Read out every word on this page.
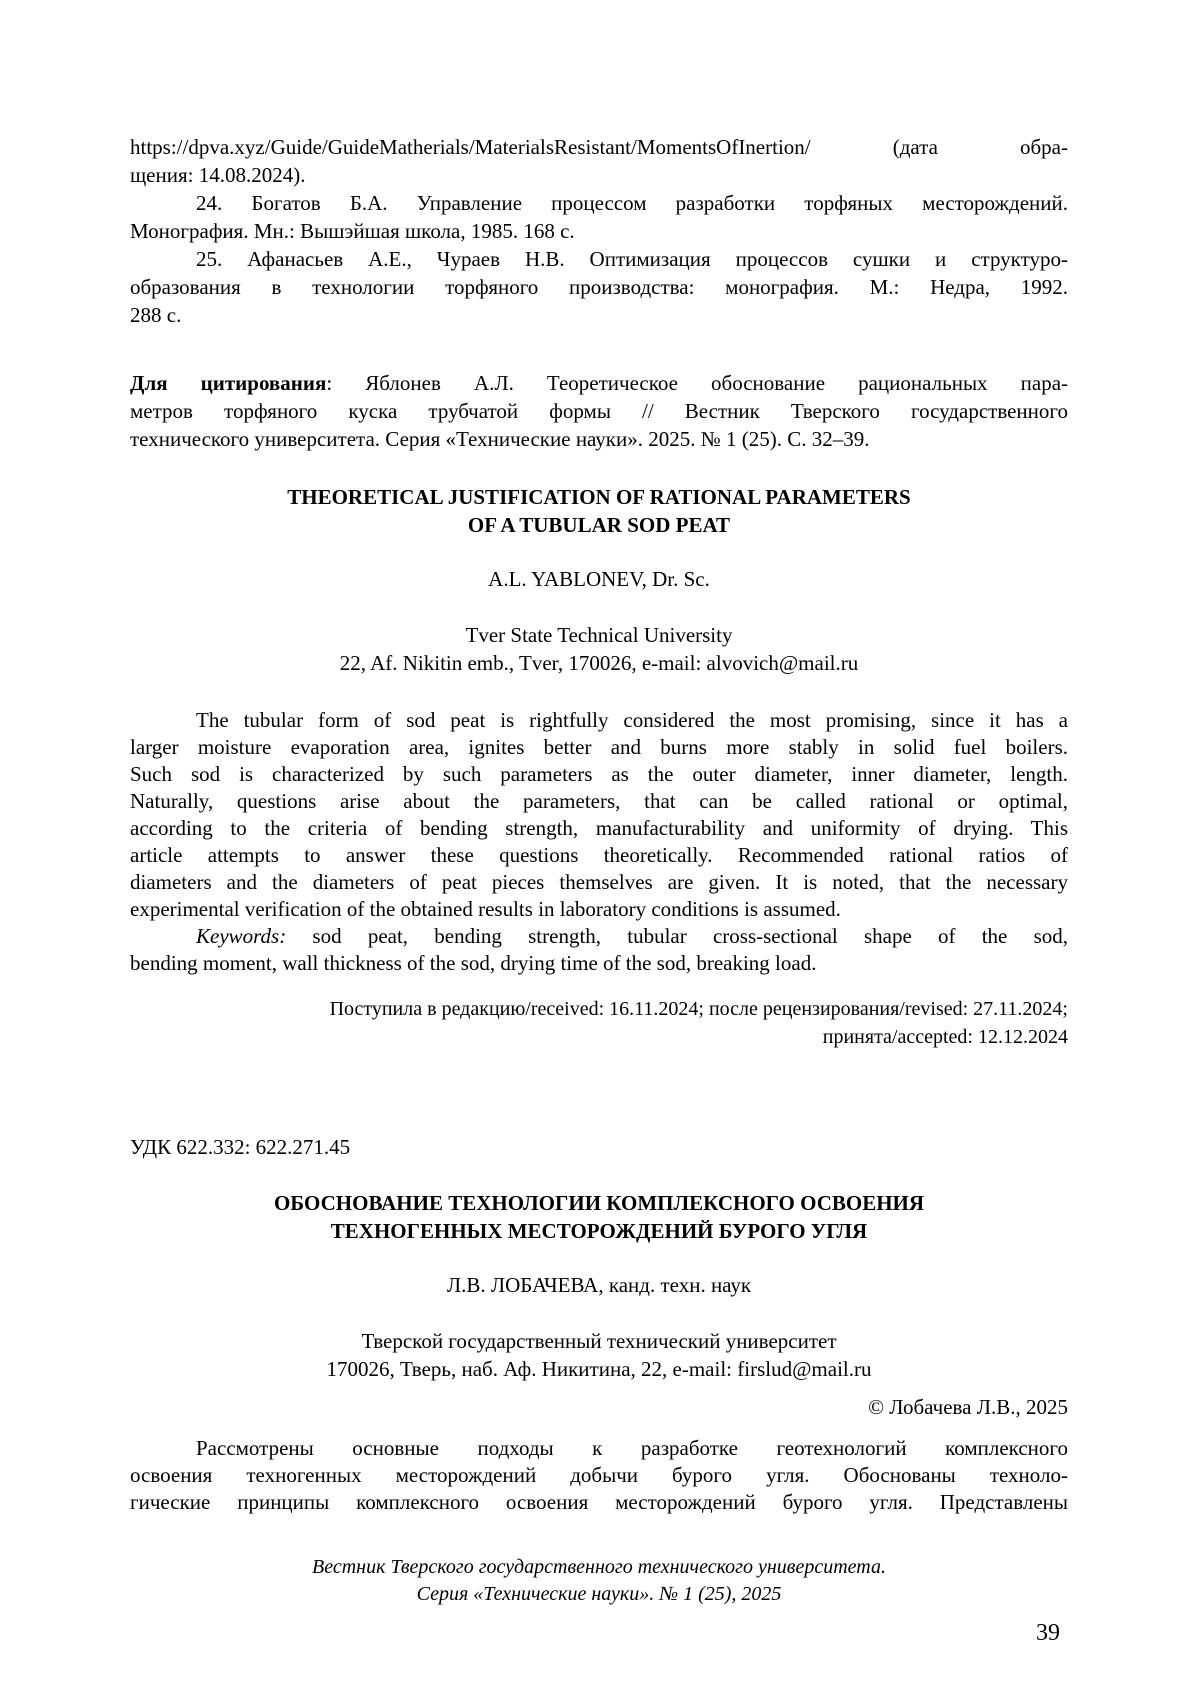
https://dpva.xyz/Guide/GuideMatherials/MaterialsResistant/MomentsOfInertion/ (дата обра-
щения: 14.08.2024).
24. Богатов Б.А. Управление процессом разработки торфяных месторождений.
Монография. Мн.: Вышэйшая школа, 1985. 168 с.
25. Афанасьев А.Е., Чураев Н.В. Оптимизация процессов сушки и структуро-
образования в технологии торфяного производства: монография. М.: Недра, 1992.
288 с.
Для цитирования: Яблонев А.Л. Теоретическое обоснование рациональных пара-
метров торфяного куска трубчатой формы // Вестник Тверского государственного
технического университета. Серия «Технические науки». 2025. № 1 (25). С. 32–39.
THEORETICAL JUSTIFICATION OF RATIONAL PARAMETERS
OF A TUBULAR SOD PEAT
A.L. YABLONEV, Dr. Sc.
Tver State Technical University
22, Af. Nikitin emb., Tver, 170026, e-mail: alvovich@mail.ru
The tubular form of sod peat is rightfully considered the most promising, since it has a
larger moisture evaporation area, ignites better and burns more stably in solid fuel boilers.
Such sod is characterized by such parameters as the outer diameter, inner diameter, length.
Naturally, questions arise about the parameters, that can be called rational or optimal,
according to the criteria of bending strength, manufacturability and uniformity of drying. This
article attempts to answer these questions theoretically. Recommended rational ratios of
diameters and the diameters of peat pieces themselves are given. It is noted, that the necessary
experimental verification of the obtained results in laboratory conditions is assumed.
Keywords: sod peat, bending strength, tubular cross-sectional shape of the sod,
bending moment, wall thickness of the sod, drying time of the sod, breaking load.
Поступила в редакцию/received: 16.11.2024; после рецензирования/revised: 27.11.2024;
принята/accepted: 12.12.2024
УДК 622.332: 622.271.45
ОБОСНОВАНИЕ ТЕХНОЛОГИИ КОМПЛЕКСНОГО ОСВОЕНИЯ
ТЕХНОГЕННЫХ МЕСТОРОЖДЕНИЙ БУРОГО УГЛЯ
Л.В. ЛОБАЧЕВА, канд. техн. наук
Тверской государственный технический университет
170026, Тверь, наб. Аф. Никитина, 22, e-mail: firslud@mail.ru
© Лобачева Л.В., 2025
Рассмотрены основные подходы к разработке геотехнологий комплексного
освоения техногенных месторождений добычи бурого угля. Обоснованы техноло-
гические принципы комплексного освоения месторождений бурого угля. Представлены
Вестник Тверского государственного технического университета.
Серия «Технические науки». № 1 (25), 2025
39
